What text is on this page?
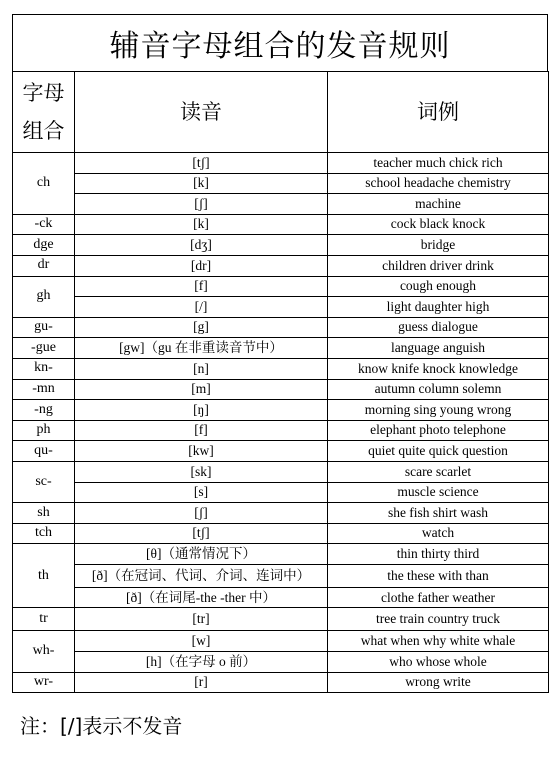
辅音字母组合的发音规则
字母
组合	读音	词例
ch	[tʃ]	teacher much chick rich
	[k]	school headache chemistry
	[ʃ]	machine
-ck	[k]	cock black knock
dge	[dʒ]	bridge
dr	[dr]	children driver drink
gh	[f]	cough enough
	[/]	light daughter high
gu-	[g]	guess dialogue
-gue	[gw]（gu 在非重读音节中）	language anguish
kn-	[n]	know knife knock knowledge
-mn	[m]	autumn column solemn
-ng	[ŋ]	morning sing young wrong
ph	[f]	elephant photo telephone
qu-	[kw]	quiet quite quick question
sc-	[sk]	scare scarlet
	[s]	muscle science
sh	[ʃ]	she fish shirt wash
tch	[tʃ]	watch
th	[θ]（通常情况下）	thin thirty third
	[ð]（在冠词、代词、介词、连词中）	the these with than
	[ð]（在词尾-the -ther 中）	clothe father weather
tr	[tr]	tree train country truck
wh-	[w]	what when why white whale
	[h]（在字母 o 前）	who whose whole
wr-	[r]	wrong write
注：[/]表示不发音
